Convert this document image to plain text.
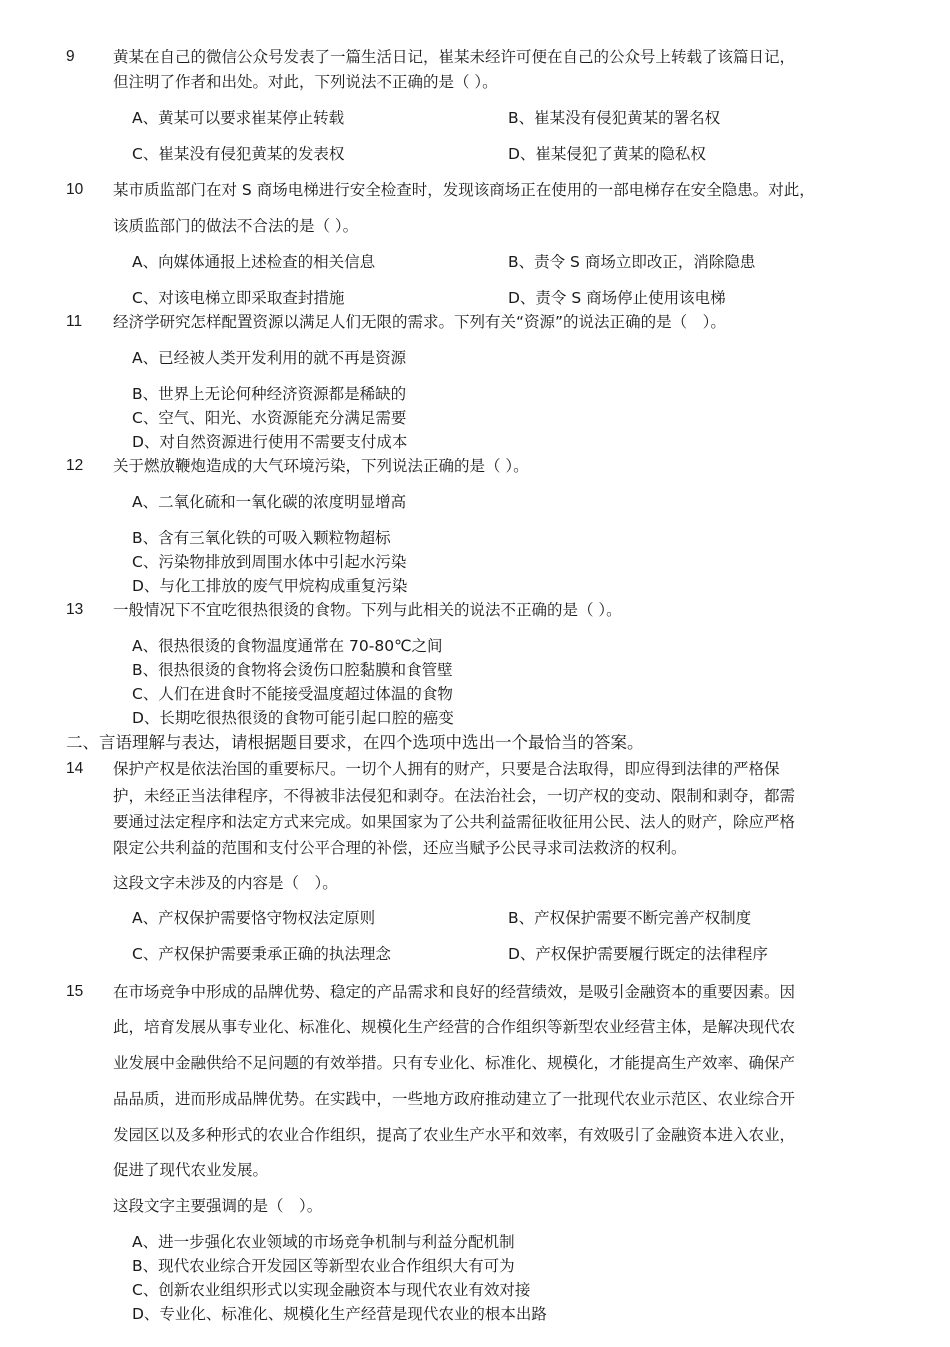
9 黄某在自己的微信公众号发表了一篇生活日记，崔某未经许可便在自己的公众号上转载了该篇日记，
但注明了作者和出处。对此，下列说法不正确的是（ ）。
A、黄某可以要求崔某停止转载	B、崔某没有侵犯黄某的署名权
C、崔某没有侵犯黄某的发表权	D、崔某侵犯了黄某的隐私权
10 某市质监部门在对 S 商场电梯进行安全检查时，发现该商场正在使用的一部电梯存在安全隐患。对此，
该质监部门的做法不合法的是（ ）。
A、向媒体通报上述检查的相关信息	B、责令 S 商场立即改正，消除隐患
C、对该电梯立即采取查封措施	D、责令 S 商场停止使用该电梯
11 经济学研究怎样配置资源以满足人们无限的需求。下列有关“资源”的说法正确的是（　）。
A、已经被人类开发利用的就不再是资源
B、世界上无论何种经济资源都是稀缺的
C、空气、阳光、水资源能充分满足需要
D、对自然资源进行使用不需要支付成本
12 关于燃放鞭炮造成的大气环境污染，下列说法正确的是（ ）。
A、二氧化硫和一氧化碳的浓度明显增高
B、含有三氧化铁的可吸入颗粒物超标
C、污染物排放到周围水体中引起水污染
D、与化工排放的废气甲烷构成重复污染
13 一般情况下不宜吃很热很烫的食物。下列与此相关的说法不正确的是（ ）。
A、很热很烫的食物温度通常在 70-80℃之间
B、很热很烫的食物将会烫伤口腔黏膜和食管壁
C、人们在进食时不能接受温度超过体温的食物
D、长期吃很热很烫的食物可能引起口腔的癌变
二、言语理解与表达，请根据题目要求，在四个选项中选出一个最恰当的答案。
14 保护产权是依法治国的重要标尺。一切个人拥有的财产，只要是合法取得，即应得到法律的严格保
护，未经正当法律程序，不得被非法侵犯和剥夺。在法治社会，一切产权的变动、限制和剥夺，都需
要通过法定程序和法定方式来完成。如果国家为了公共利益需征收征用公民、法人的财产，除应严格
限定公共利益的范围和支付公平合理的补偿，还应当赋予公民寻求司法救济的权利。
这段文字未涉及的内容是（　）。
A、产权保护需要恪守物权法定原则	B、产权保护需要不断完善产权制度
C、产权保护需要秉承正确的执法理念	D、产权保护需要履行既定的法律程序
15 在市场竞争中形成的品牌优势、稳定的产品需求和良好的经营绩效，是吸引金融资本的重要因素。因
此，培育发展从事专业化、标准化、规模化生产经营的合作组织等新型农业经营主体，是解决现代农
业发展中金融供给不足问题的有效举措。只有专业化、标准化、规模化，才能提高生产效率、确保产
品品质，进而形成品牌优势。在实践中，一些地方政府推动建立了一批现代农业示范区、农业综合开
发园区以及多种形式的农业合作组织，提高了农业生产水平和效率，有效吸引了金融资本进入农业，
促进了现代农业发展。
这段文字主要强调的是（　）。
A、进一步强化农业领域的市场竞争机制与利益分配机制
B、现代农业综合开发园区等新型农业合作组织大有可为
C、创新农业组织形式以实现金融资本与现代农业有效对接
D、专业化、标准化、规模化生产经营是现代农业的根本出路
